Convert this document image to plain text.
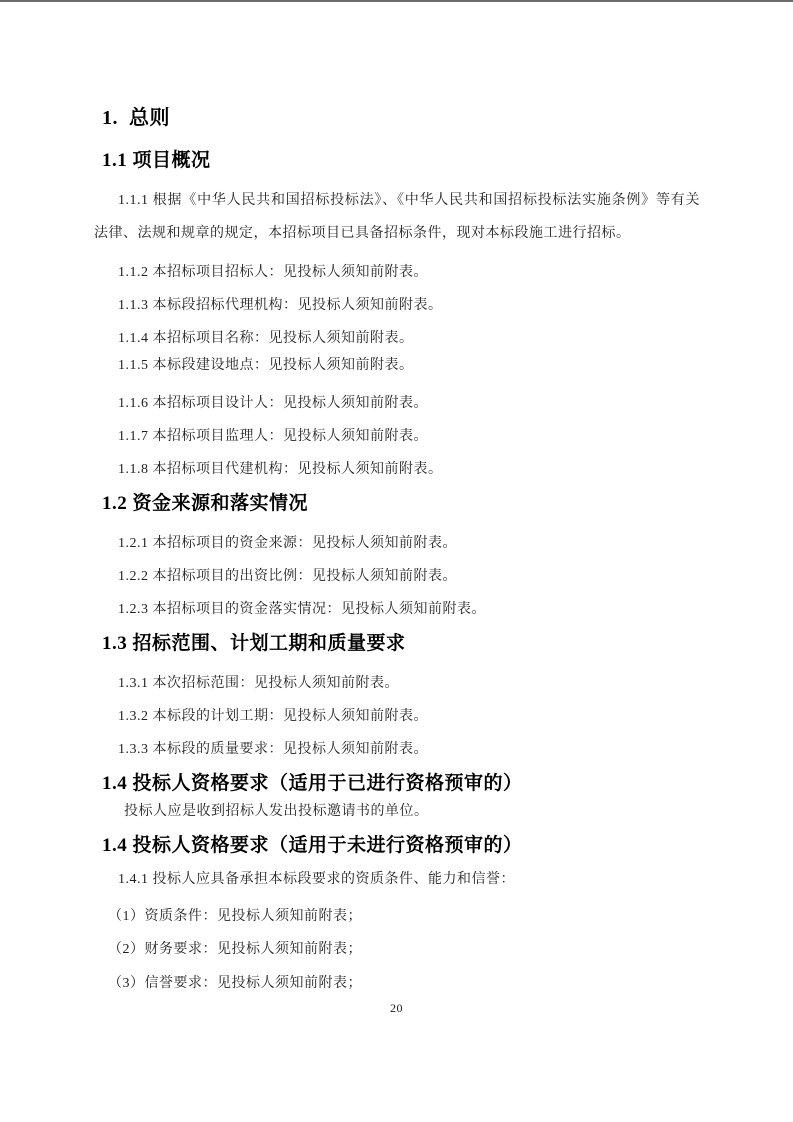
1.  总则
1.1 项目概况

1.1.1 根据《中华人民共和国招标投标法》、《中华人民共和国招标投标法实施条例》等有关法律、法规和规章的规定，本招标项目已具备招标条件，现对本标段施工进行招标。

1.1.2 本招标项目招标人：见投标人须知前附表。

1.1.3 本标段招标代理机构：见投标人须知前附表。

1.1.4 本招标项目名称：见投标人须知前附表。

1.1.5 本标段建设地点：见投标人须知前附表。

1.1.6 本招标项目设计人：见投标人须知前附表。

1.1.7 本招标项目监理人：见投标人须知前附表。

1.1.8 本招标项目代建机构：见投标人须知前附表。

1.2 资金来源和落实情况

1.2.1 本招标项目的资金来源：见投标人须知前附表。

1.2.2 本招标项目的出资比例：见投标人须知前附表。

1.2.3 本招标项目的资金落实情况：见投标人须知前附表。

1.3 招标范围、计划工期和质量要求

1.3.1 本次招标范围：见投标人须知前附表。

1.3.2 本标段的计划工期：见投标人须知前附表。

1.3.3 本标段的质量要求：见投标人须知前附表。

1.4 投标人资格要求（适用于已进行资格预审的）

投标人应是收到招标人发出投标邀请书的单位。

1.4 投标人资格要求（适用于未进行资格预审的）

1.4.1 投标人应具备承担本标段要求的资质条件、能力和信誉：

（1）资质条件：见投标人须知前附表；

（2）财务要求：见投标人须知前附表；

（3）信誉要求：见投标人须知前附表；

20
